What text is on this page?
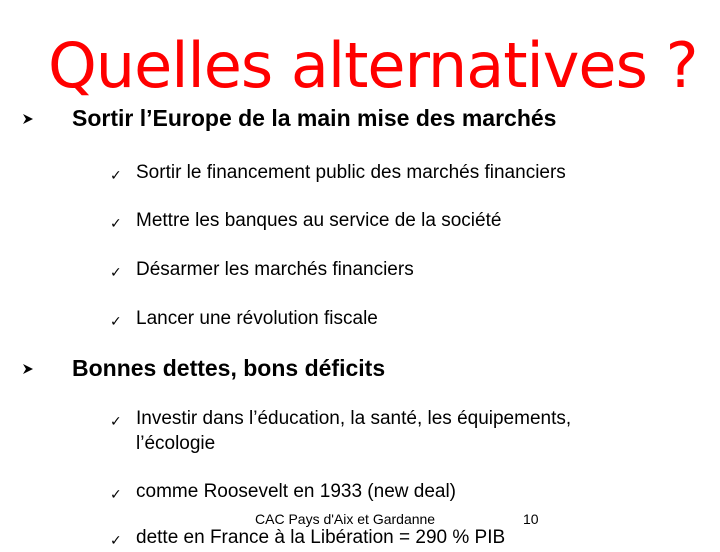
Quelles alternatives ?
Sortir l’Europe de la main mise des marchés
✓ Sortir le financement public des marchés financiers
✓ Mettre les banques au service de la société
✓ Désarmer les marchés financiers
✓ Lancer une révolution fiscale
Bonnes dettes, bons déficits
✓ Investir dans l’éducation, la santé, les équipements,
l’écologie
✓ comme Roosevelt en 1933 (new deal)
✓ dette en France à la Libération = 290 % PIB
CAC Pays d'Aix et Gardanne	10
